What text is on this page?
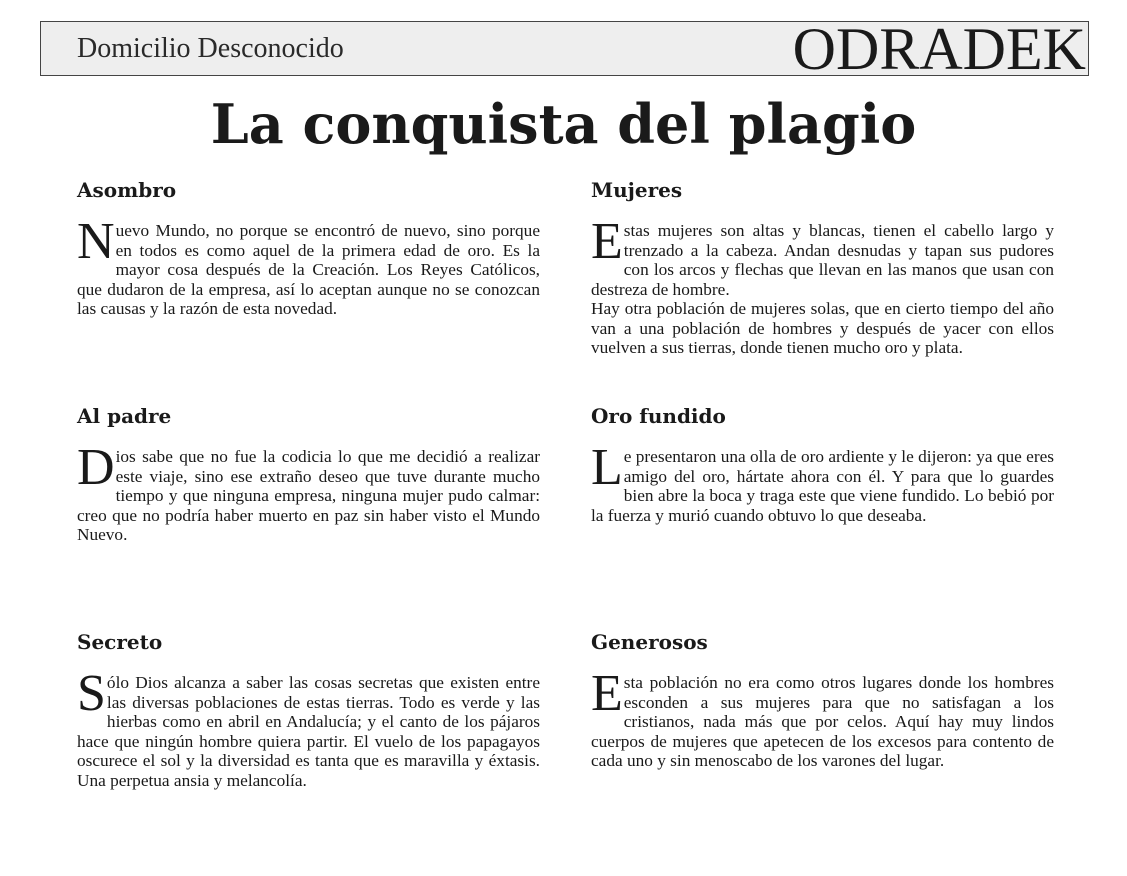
Domicilio Desconocido	ODRADEK
La conquista del plagio
Asombro

Nuevo Mundo, no porque se encontró de nuevo, sino porque en todos es como aquel de la primera edad de oro. Es la mayor cosa después de la Creación. Los Reyes Católicos, que dudaron de la empresa, así lo aceptan aunque no se conozcan las causas y la razón de esta novedad.

Mujeres

Estas mujeres son altas y blancas, tienen el cabello largo y trenzado a la cabeza. Andan desnudas y tapan sus pudores con los arcos y flechas que llevan en las manos que usan con destreza de hombre.
Hay otra población de mujeres solas, que en cierto tiempo del año van a una población de hombres y después de yacer con ellos vuelven a sus tierras, donde tienen mucho oro y plata.

Al padre

Dios sabe que no fue la codicia lo que me decidió a realizar este viaje, sino ese extraño deseo que tuve durante mucho tiempo y que ninguna empresa, ninguna mujer pudo calmar: creo que no podría haber muerto en paz sin haber visto el Mundo Nuevo.

Oro fundido

Le presentaron una olla de oro ardiente y le dijeron: ya que eres amigo del oro, hártate ahora con él. Y para que lo guardes bien abre la boca y traga este que viene fundido. Lo bebió por la fuerza y murió cuando obtuvo lo que deseaba.

Secreto

Sólo Dios alcanza a saber las cosas secretas que existen entre las diversas poblaciones de estas tierras. Todo es verde y las hierbas como en abril en Andalucía; y el canto de los pájaros hace que ningún hombre quiera partir. El vuelo de los papagayos oscurece el sol y la diversidad es tanta que es maravilla y éxtasis. Una perpetua ansia y melancolía.

Generosos

Esta población no era como otros lugares donde los hombres esconden a sus mujeres para que no satisfagan a los cristianos, nada más que por celos. Aquí hay muy lindos cuerpos de mujeres que apetecen de los excesos para contento de cada uno y sin menoscabo de los varones del lugar.
